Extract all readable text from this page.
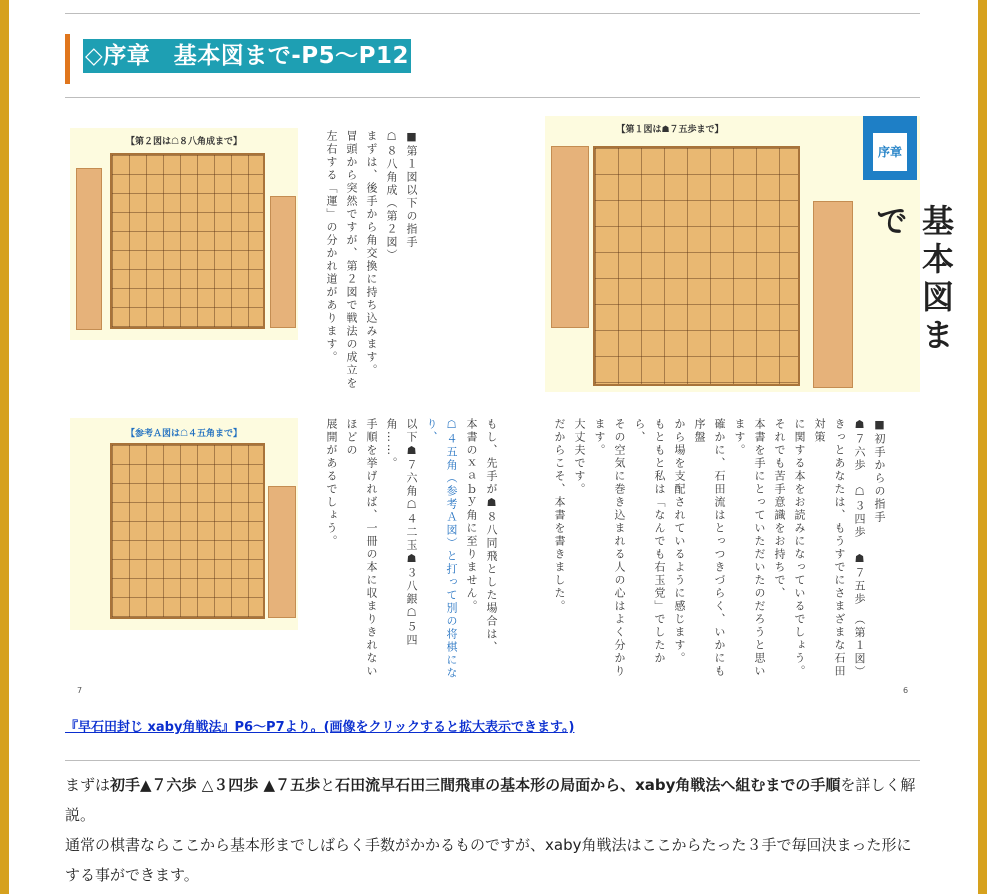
◇序章　基本図まで-P5～P12
【第２図は☖８八角成まで】
【参考Ａ図は☖４五角まで】
■第１図以下の指手
☖８八角成（第２図）
まずは、後手から角交換に持ち込みます。
冒頭から突然ですが、第２図で戦法の成立を
左右する「運」の分かれ道があります。
もし、先手が☗８八同飛とした場合は、
本書のｘａｂｙ角に至りません。
☖４五角（参考Ａ図）と打って別の将棋になり、
以下☗７六角☖４二玉☗３八銀☖５四角……。
手順を挙げれば、一冊の本に収まりきれないほどの
展開があるでしょう。
7
【第１図は☗７五歩まで】
序章
基本図まで
■初手からの指手
☗７六歩　☖３四歩　☗７五歩　（第１図）
きっとあなたは、もうすでにさまざまな石田対策
に関する本をお読みになっているでしょう。
それでも苦手意識をお持ちで、
本書を手にとっていただいたのだろうと思います。
確かに、石田流はとっつきづらく、いかにも序盤
から場を支配されているように感じます。
もともと私は「なんでも右玉党」でしたから、
その空気に巻き込まれる人の心はよく分かります。
大丈夫です。
だからこそ、本書を書きました。
6
『早石田封じ xaby角戦法』P6～P7より。(画像をクリックすると拡大表示できます。)
まずは初手▲７六歩 △３四歩 ▲７五歩と石田流早石田三間飛車の基本形の局面から、xaby角戦法へ組むまでの手順を詳しく解説。
通常の棋書ならここから基本形までしばらく手数がかかるものですが、xaby角戦法はここからたった３手で毎回決まった形にする事ができます。
